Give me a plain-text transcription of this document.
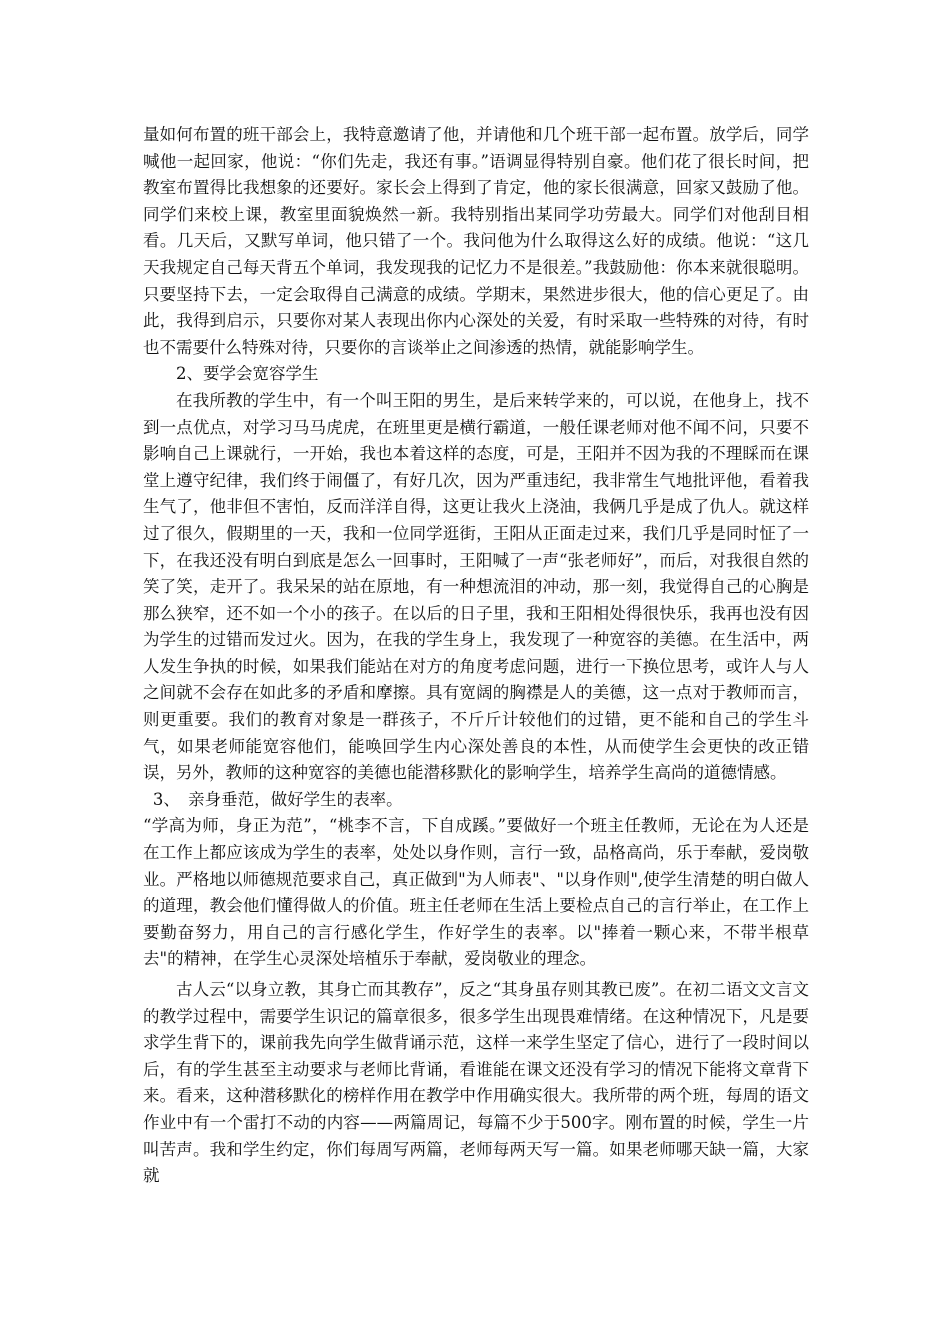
量如何布置的班干部会上，我特意邀请了他，并请他和几个班干部一起布置。放学后，同学喊他一起回家，他说：“你们先走，我还有事。”语调显得特别自豪。他们花了很长时间，把教室布置得比我想象的还要好。家长会上得到了肯定，他的家长很满意，回家又鼓励了他。同学们来校上课，教室里面貌焕然一新。我特别指出某同学功劳最大。同学们对他刮目相看。几天后，又默写单词，他只错了一个。我问他为什么取得这么好的成绩。他说：“这几天我规定自己每天背五个单词，我发现我的记忆力不是很差。”我鼓励他：你本来就很聪明。只要坚持下去，一定会取得自己满意的成绩。学期末，果然进步很大，他的信心更足了。由此，我得到启示，只要你对某人表现出你内心深处的关爱，有时采取一些特殊的对待，有时也不需要什么特殊对待，只要你的言谈举止之间渗透的热情，就能影响学生。

2、要学会宽容学生

在我所教的学生中，有一个叫王阳的男生，是后来转学来的，可以说，在他身上，找不到一点优点，对学习马马虎虎，在班里更是横行霸道，一般任课老师对他不闻不问，只要不影响自己上课就行，一开始，我也本着这样的态度，可是，王阳并不因为我的不理睬而在课堂上遵守纪律，我们终于闹僵了，有好几次，因为严重违纪，我非常生气地批评他，看着我生气了，他非但不害怕，反而洋洋自得，这更让我火上浇油，我俩几乎是成了仇人。就这样过了很久，假期里的一天，我和一位同学逛街，王阳从正面走过来，我们几乎是同时怔了一下，在我还没有明白到底是怎么一回事时，王阳喊了一声“张老师好”，而后，对我很自然的笑了笑，走开了。我呆呆的站在原地，有一种想流泪的冲动，那一刻，我觉得自己的心胸是那么狭窄，还不如一个小的孩子。在以后的日子里，我和王阳相处得很快乐，我再也没有因为学生的过错而发过火。因为，在我的学生身上，我发现了一种宽容的美德。在生活中，两人发生争执的时候，如果我们能站在对方的角度考虑问题，进行一下换位思考，或许人与人之间就不会存在如此多的矛盾和摩擦。具有宽阔的胸襟是人的美德，这一点对于教师而言，则更重要。我们的教育对象是一群孩子，不斤斤计较他们的过错，更不能和自己的学生斗气，如果老师能宽容他们，能唤回学生内心深处善良的本性，从而使学生会更快的改正错误，另外，教师的这种宽容的美德也能潜移默化的影响学生，培养学生高尚的道德情感。

3、　亲身垂范，做好学生的表率。

“学高为师，身正为范”，“桃李不言，下自成蹊。”要做好一个班主任教师，无论在为人还是在工作上都应该成为学生的表率，处处以身作则，言行一致，品格高尚，乐于奉献，爱岗敬业。严格地以师德规范要求自己，真正做到"为人师表"、"以身作则",使学生清楚的明白做人的道理，教会他们懂得做人的价值。班主任老师在生活上要检点自己的言行举止，在工作上要勤奋努力，用自己的言行感化学生，作好学生的表率。以"捧着一颗心来，不带半根草去"的精神，在学生心灵深处培植乐于奉献，爱岗敬业的理念。

古人云“以身立教，其身亡而其教存”，反之“其身虽存则其教已废”。在初二语文文言文的教学过程中，需要学生识记的篇章很多，很多学生出现畏难情绪。在这种情况下，凡是要求学生背下的，课前我先向学生做背诵示范，这样一来学生坚定了信心，进行了一段时间以后，有的学生甚至主动要求与老师比背诵，看谁能在课文还没有学习的情况下能将文章背下来。看来，这种潜移默化的榜样作用在教学中作用确实很大。我所带的两个班，每周的语文作业中有一个雷打不动的内容——两篇周记，每篇不少于500字。刚布置的时候，学生一片叫苦声。我和学生约定，你们每周写两篇，老师每两天写一篇。如果老师哪天缺一篇，大家就
